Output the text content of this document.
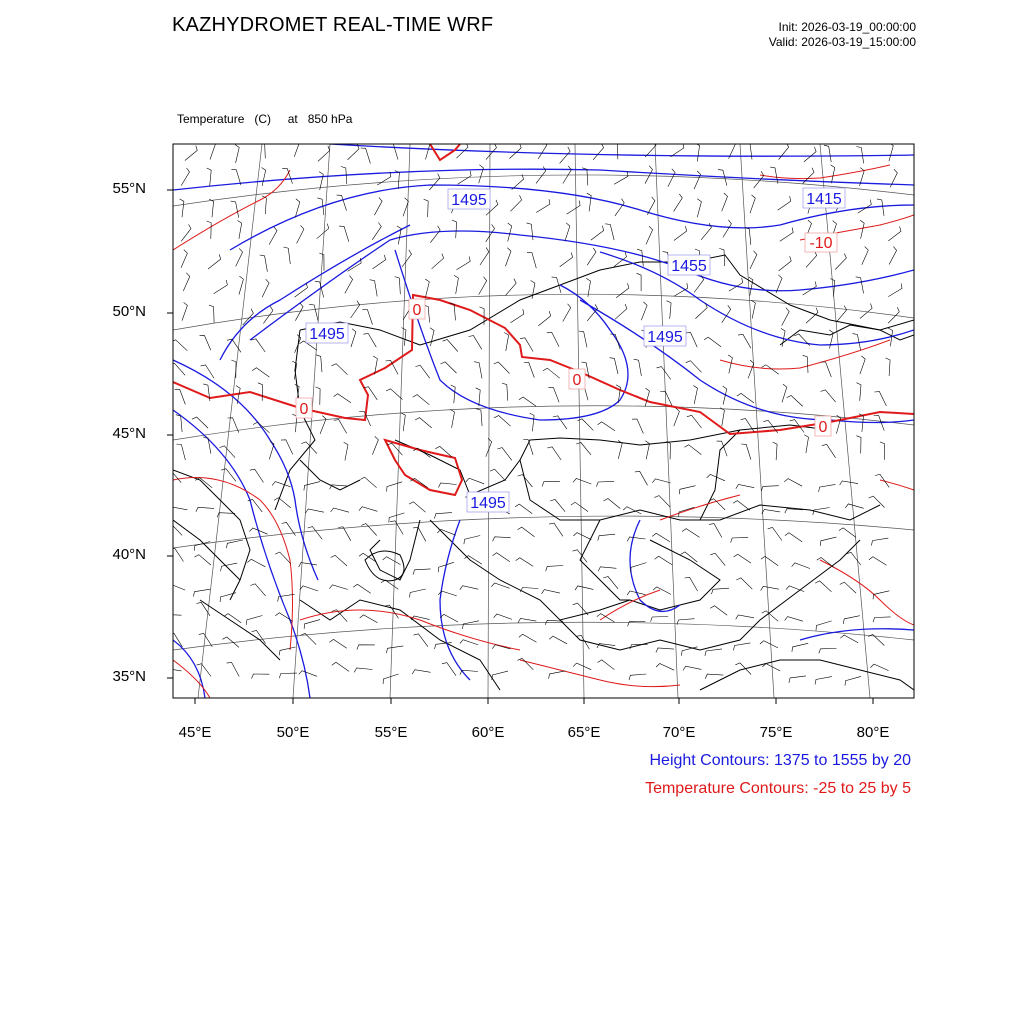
KAZHYDROMET REAL-TIME WRF	Init: 2026-03-19_00:00:00
Valid: 2026-03-19_15:00:00

Temperature   (C)     at   850 hPa

1495	1415
1455
1495	1495
1495
-10
0
0
0
0
55°N
50°N
45°N
40°N
35°N
45°E	50°E	55°E	60°E	65°E	70°E	75°E	80°E
Height Contours: 1375 to 1555 by 20
Temperature Contours: -25 to 25 by 5
